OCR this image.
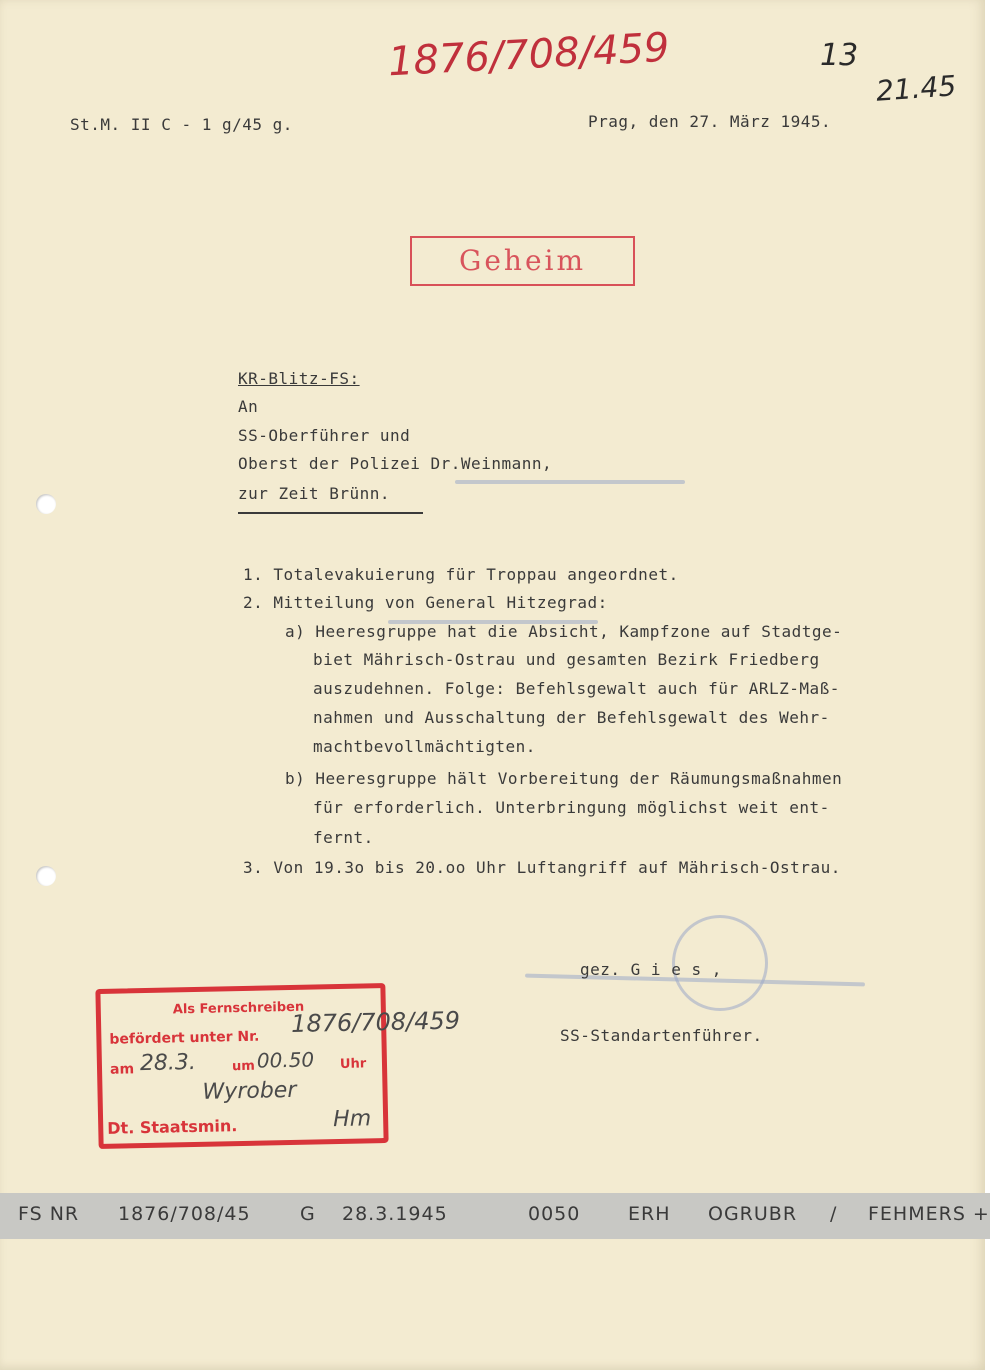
1876/708/459	13
21.45
St.M. II C - 1 g/45 g.	Prag, den 27. März 1945.
Geheim
KR-Blitz-FS:
An
SS-Oberführer und
Oberst der Polizei Dr.Weinmann,
zur Zeit Brünn.
1. Totalevakuierung für Troppau angeordnet.
2. Mitteilung von General Hitzegrad:
a) Heeresgruppe hat die Absicht, Kampfzone auf Stadtge-
biet Mährisch-Ostrau und gesamten Bezirk Friedberg
auszudehnen. Folge: Befehlsgewalt auch für ARLZ-Maß-
nahmen und Ausschaltung der Befehlsgewalt des Wehr-
machtbevollmächtigten.
b) Heeresgruppe hält Vorbereitung der Räumungsmaßnahmen
für erforderlich. Unterbringung möglichst weit ent-
fernt.
3. Von 19.3o bis 20.oo Uhr Luftangriff auf Mährisch-Ostrau.
gez. G i e s ,
SS-Standartenführer.
Als Fernschreiben
befördert unter Nr.
am	um	Uhr
Dt. Staatsmin.
1876/708/459
28.3.	00.50
Wyrober
Hm
FS NR 1876/708/45	G 28.3.1945	0050	ERH OGRUBR / FEHMERS +
